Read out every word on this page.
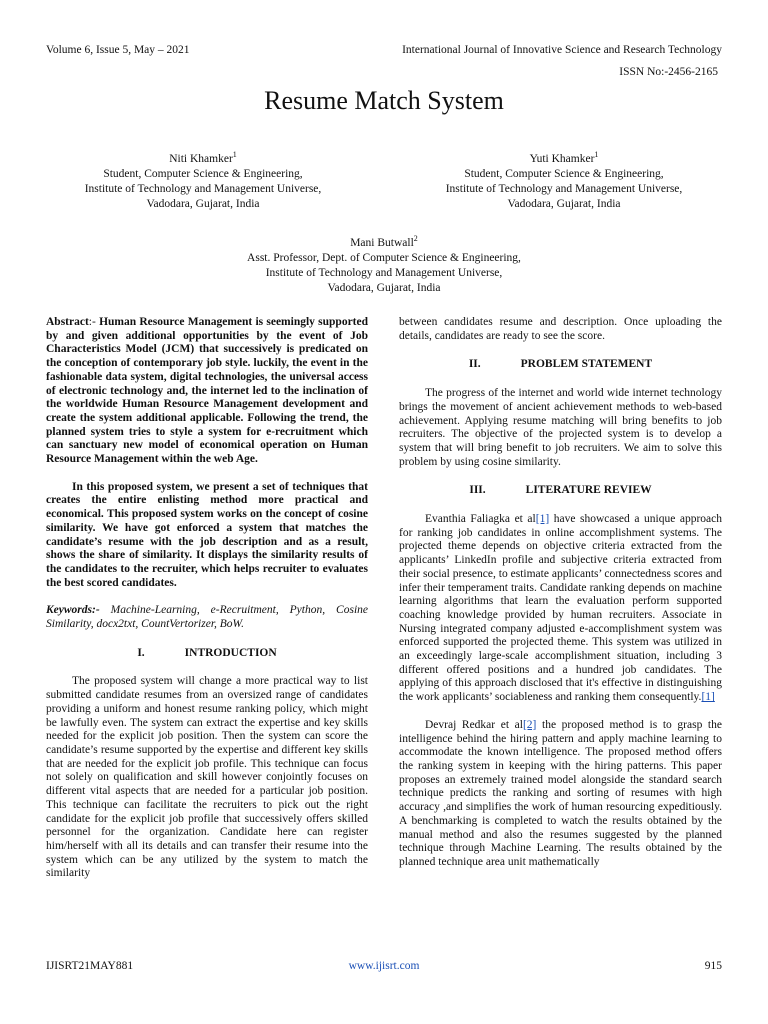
Volume 6, Issue 5, May – 2021	International Journal of Innovative Science and Research Technology
ISSN No:-2456-2165
Resume Match System
Niti Khamker$^1$
Student, Computer Science & Engineering,
Institute of Technology and Management Universe,
Vadodara, Gujarat, India
Yuti Khamker$^1$
Student, Computer Science & Engineering,
Institute of Technology and Management Universe,
Vadodara, Gujarat, India
Mani Butwall$^2$
Asst. Professor, Dept. of Computer Science & Engineering,
Institute of Technology and Management Universe,
Vadodara, Gujarat, India

Abstract:- Human Resource Management is seemingly supported by and given additional opportunities by the event of Job Characteristics Model (JCM) that successively is predicated on the conception of contemporary job style. luckily, the event in the fashionable data system, digital technologies, the universal access of electronic technology and, the internet led to the inclination of the worldwide Human Resource Management development and create the system additional applicable. Following the trend, the planned system tries to style a system for e-recruitment which can sanctuary new model of economical operation on Human Resource Management within the web Age.

In this proposed system, we present a set of techniques that creates the entire enlisting method more practical and economical. This proposed system works on the concept of cosine similarity. We have got enforced a system that matches the candidate’s resume with the job description and as a result, shows the share of similarity. It displays the similarity results of the candidates to the recruiter, which helps recruiter to evaluates the best scored candidates.

Keywords:- Machine-Learning, e-Recruitment, Python, Cosine Similarity, docx2txt, CountVertorizer, BoW.

I.	INTRODUCTION

The proposed system will change a more practical way to list submitted candidate resumes from an oversized range of candidates providing a uniform and honest resume ranking policy, which might be lawfully even. The system can extract the expertise and key skills needed for the explicit job position. Then the system can score the candidate’s resume supported by the expertise and different key skills that are needed for the explicit job profile. This technique can focus not solely on qualification and skill however conjointly focuses on different vital aspects that are needed for a particular job position. This technique can facilitate the recruiters to pick out the right candidate for the explicit job profile that successively offers skilled personnel for the organization. Candidate here can register him/herself with all its details and can transfer their resume into the system which can be any utilized by the system to match the similarity

between candidates resume and description. Once uploading the details, candidates are ready to see the score.

II.	PROBLEM STATEMENT

The progress of the internet and world wide internet technology brings the movement of ancient achievement methods to web-based achievement. Applying resume matching will bring benefits to job recruiters. The objective of the projected system is to develop a system that will bring benefit to job recruiters. We aim to solve this problem by using cosine similarity.

III.	LITERATURE REVIEW

Evanthia Faliagka et al[1] have showcased a unique approach for ranking job candidates in online accomplishment systems. The projected theme depends on objective criteria extracted from the applicants’ LinkedIn profile and subjective criteria extracted from their social presence, to estimate applicants’ connectedness scores and infer their temperament traits. Candidate ranking depends on machine learning algorithms that learn the evaluation perform supported coaching knowledge provided by human recruiters. Associate in Nursing integrated company adjusted e-accomplishment system was enforced supported the projected theme. This system was utilized in an exceedingly large-scale accomplishment situation, including 3 different offered positions and a hundred job candidates. The applying of this approach disclosed that it's effective in distinguishing the work applicants’ sociableness and ranking them consequently.[1]

Devraj Redkar et al[2] the proposed method is to grasp the intelligence behind the hiring pattern and apply machine learning to accommodate the known intelligence. The proposed method offers the ranking system in keeping with the hiring patterns. This paper proposes an extremely trained model alongside the standard search technique predicts the ranking and sorting of resumes with high accuracy ,and simplifies the work of human resourcing expeditiously. A benchmarking is completed to watch the results obtained by the manual method and also the resumes suggested by the planned technique through Machine Learning. The results obtained by the planned technique area unit mathematically

IJISRT21MAY881	www.ijisrt.com	915
